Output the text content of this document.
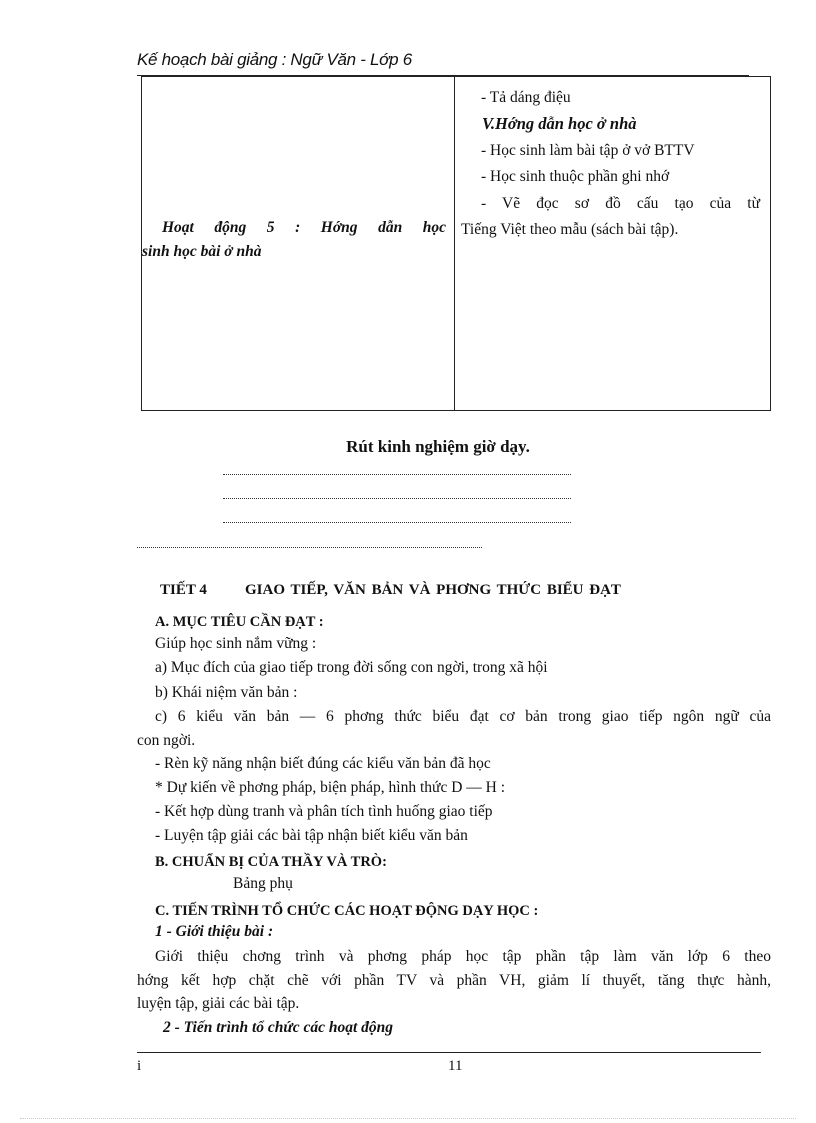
Kế hoạch bài giảng : Ngữ Văn - Lớp 6
Hoạt động 5 : Hớng dẫn học
sinh học bài ở nhà
- Tả dáng điệu
V.Hớng dẫn học ở nhà
- Học sinh làm bài tập ở vở BTTV
- Học sinh thuộc phần ghi nhớ
- Vẽ đọc sơ đồ cấu tạo của từ
Tiếng Việt theo mẫu (sách bài tập).
Rút kinh nghiệm giờ dạy.
TIẾT 4	GIAO TIẾP, VĂN BẢN VÀ PHƠNG THỨC BIỂU ĐẠT
A. MỤC TIÊU CẦN ĐẠT :
Giúp học sinh nắm vững :
a) Mục đích của giao tiếp trong đời sống con ngời, trong xã hội
b) Khái niệm văn bản :
c) 6 kiểu văn bản — 6 phơng thức biểu đạt cơ bản trong giao tiếp ngôn ngữ của
con ngời.
- Rèn kỹ năng nhận biết đúng các kiểu văn bản đã học
* Dự kiến về phơng pháp, biện pháp, hình thức D — H :
- Kết hợp dùng tranh và phân tích tình huống giao tiếp
- Luyện tập giải các bài tập nhận biết kiểu văn bản
B. CHUẨN BỊ CỦA THẦY VÀ TRÒ:
Bảng phụ
C. TIẾN TRÌNH TỔ CHỨC CÁC HOẠT ĐỘNG DẠY HỌC :
1 - Giới thiệu bài :
Giới thiệu chơng trình và phơng pháp học tập phần tập làm văn lớp 6 theo
hớng kết hợp chặt chẽ với phần TV và phần VH, giảm lí thuyết, tăng thực hành,
luyện tập, giải các bài tập.
2 - Tiến trình tổ chức các hoạt động
i	11
